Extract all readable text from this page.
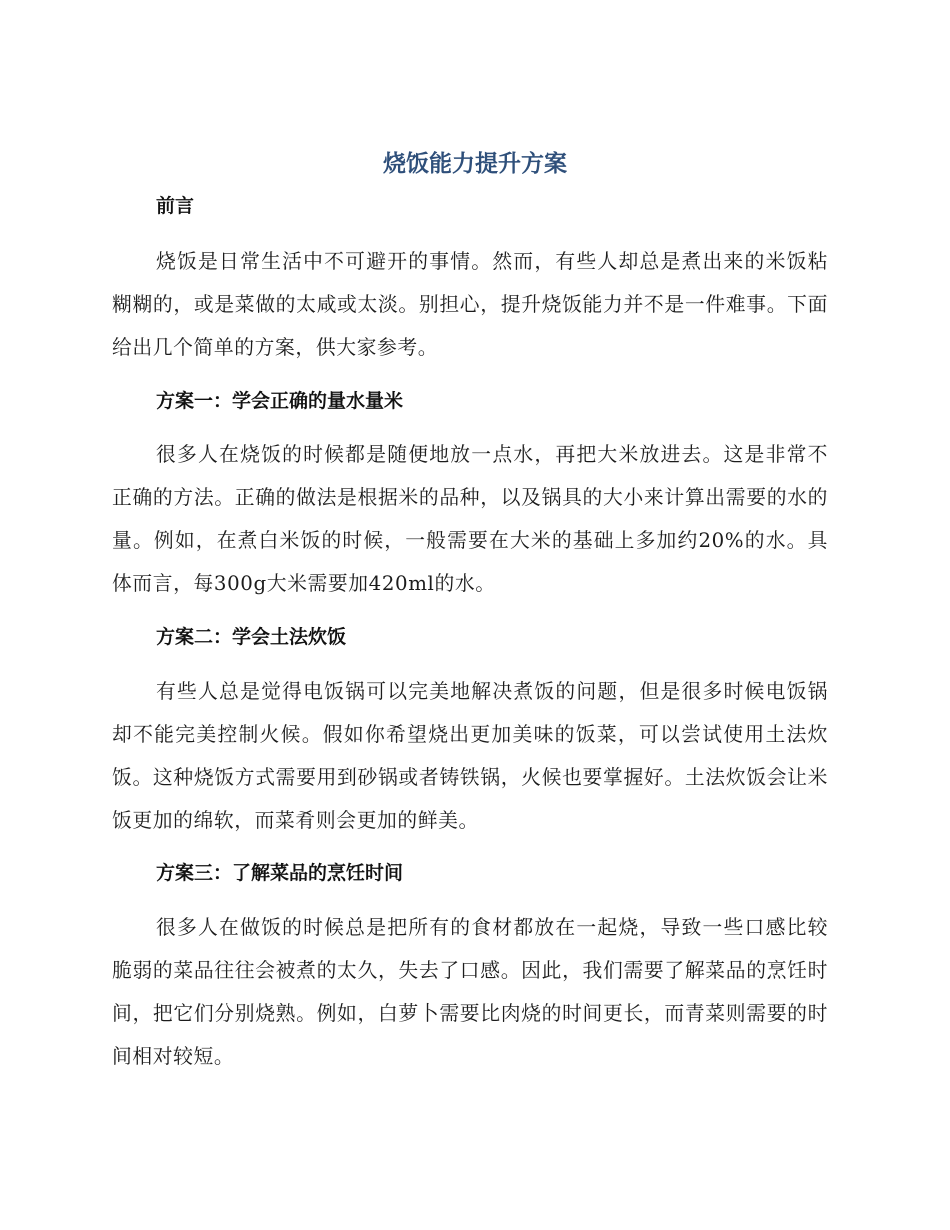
烧饭能力提升方案
前言

烧饭是日常生活中不可避开的事情。然而，有些人却总是煮出来的米饭粘糊糊的，或是菜做的太咸或太淡。别担心，提升烧饭能力并不是一件难事。下面给出几个简单的方案，供大家参考。

方案一：学会正确的量水量米

很多人在烧饭的时候都是随便地放一点水，再把大米放进去。这是非常不正确的方法。正确的做法是根据米的品种，以及锅具的大小来计算出需要的水的量。例如，在煮白米饭的时候，一般需要在大米的基础上多加约20%的水。具体而言，每300g大米需要加420ml的水。

方案二：学会土法炊饭

有些人总是觉得电饭锅可以完美地解决煮饭的问题，但是很多时候电饭锅却不能完美控制火候。假如你希望烧出更加美味的饭菜，可以尝试使用土法炊饭。这种烧饭方式需要用到砂锅或者铸铁锅，火候也要掌握好。土法炊饭会让米饭更加的绵软，而菜肴则会更加的鲜美。

方案三：了解菜品的烹饪时间

很多人在做饭的时候总是把所有的食材都放在一起烧，导致一些口感比较脆弱的菜品往往会被煮的太久，失去了口感。因此，我们需要了解菜品的烹饪时间，把它们分别烧熟。例如，白萝卜需要比肉烧的时间更长，而青菜则需要的时间相对较短。
